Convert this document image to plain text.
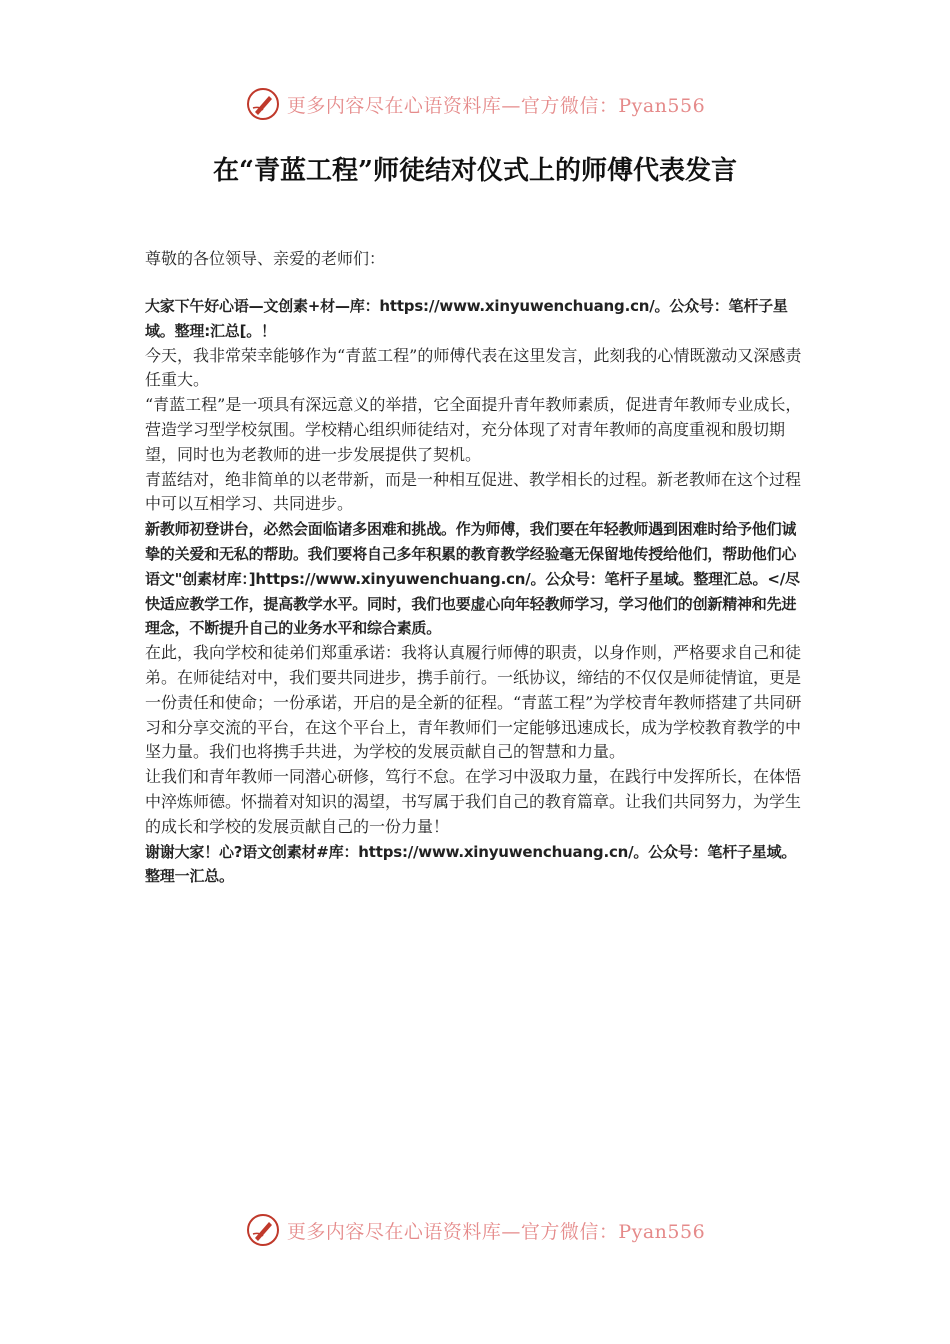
更多内容尽在心语资料库—官方微信：Pyan556
在“青蓝工程”师徒结对仪式上的师傅代表发言
尊敬的各位领导、亲爱的老师们：

大家下午好心语—文创素+材—库：https://www.xinyuwenchuang.cn/。公众号：笔杆子星域。整理:汇总[。！

今天，我非常荣幸能够作为“青蓝工程”的师傅代表在这里发言，此刻我的心情既激动又深感责任重大。

“青蓝工程”是一项具有深远意义的举措，它全面提升青年教师素质，促进青年教师专业成长，营造学习型学校氛围。学校精心组织师徒结对，充分体现了对青年教师的高度重视和殷切期望，同时也为老教师的进一步发展提供了契机。

青蓝结对，绝非简单的以老带新，而是一种相互促进、教学相长的过程。新老教师在这个过程中可以互相学习、共同进步。

新教师初登讲台，必然会面临诸多困难和挑战。作为师傅，我们要在年轻教师遇到困难时给予他们诚挚的关爱和无私的帮助。我们要将自己多年积累的教育教学经验毫无保留地传授给他们，帮助他们心语文"创素材库：]https://www.xinyuwenchuang.cn/。公众号：笔杆子星域。整理汇总。</尽快适应教学工作，提高教学水平。同时，我们也要虚心向年轻教师学习，学习他们的创新精神和先进理念，不断提升自己的业务水平和综合素质。

在此，我向学校和徒弟们郑重承诺：我将认真履行师傅的职责，以身作则，严格要求自己和徒弟。在师徒结对中，我们要共同进步，携手前行。一纸协议，缔结的不仅仅是师徒情谊，更是一份责任和使命；一份承诺，开启的是全新的征程。“青蓝工程”为学校青年教师搭建了共同研习和分享交流的平台，在这个平台上，青年教师们一定能够迅速成长，成为学校教育教学的中坚力量。我们也将携手共进，为学校的发展贡献自己的智慧和力量。

让我们和青年教师一同潜心研修，笃行不怠。在学习中汲取力量，在践行中发挥所长，在体悟中淬炼师德。怀揣着对知识的渴望，书写属于我们自己的教育篇章。让我们共同努力，为学生的成长和学校的发展贡献自己的一份力量！

谢谢大家！心?语文创素材#库：https://www.xinyuwenchuang.cn/。公众号：笔杆子星域。整理一汇总。

更多内容尽在心语资料库—官方微信：Pyan556
